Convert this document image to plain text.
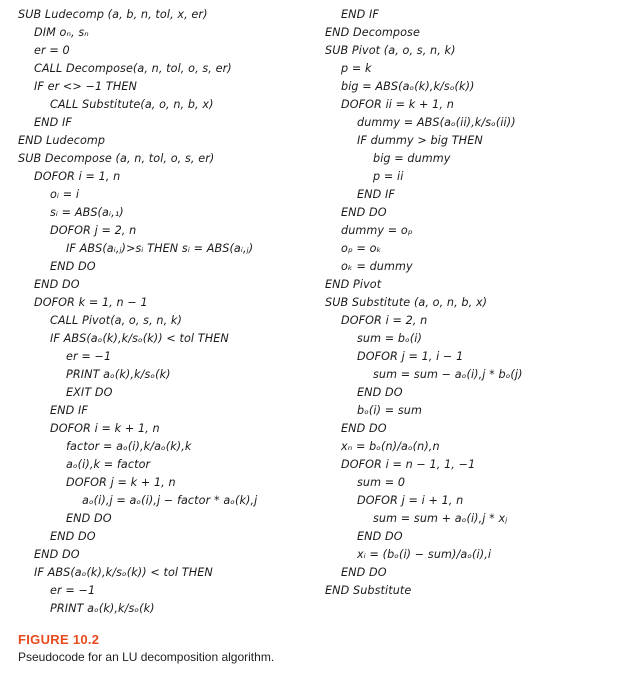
SUB Ludecomp (a, b, n, tol, x, er)
DIM oₙ, sₙ
er = 0
CALL Decompose(a, n, tol, o, s, er)
IF er <> −1 THEN
CALL Substitute(a, o, n, b, x)
END IF
END Ludecomp
SUB Decompose (a, n, tol, o, s, er)
DOFOR i = 1, n
oᵢ = i
sᵢ = ABS(aᵢ,₁)
DOFOR j = 2, n
IF ABS(aᵢ,ⱼ)>sᵢ THEN sᵢ = ABS(aᵢ,ⱼ)
END DO
END DO
DOFOR k = 1, n − 1
CALL Pivot(a, o, s, n, k)
IF ABS(aₒ(k),k/sₒ(k)) < tol THEN
er = −1
PRINT aₒ(k),k/sₒ(k)
EXIT DO
END IF
DOFOR i = k + 1, n
factor = aₒ(i),k/aₒ(k),k
aₒ(i),k = factor
DOFOR j = k + 1, n
aₒ(i),j = aₒ(i),j − factor * aₒ(k),j
END DO
END DO
END DO
IF ABS(aₒ(k),k/sₒ(k)) < tol THEN
er = −1
PRINT aₒ(k),k/sₒ(k)
END IF
END Decompose
SUB Pivot (a, o, s, n, k)
p = k
big = ABS(aₒ(k),k/sₒ(k))
DOFOR ii = k + 1, n
dummy = ABS(aₒ(ii),k/sₒ(ii))
IF dummy > big THEN
big = dummy
p = ii
END IF
END DO
dummy = oₚ
oₚ = oₖ
oₖ = dummy
END Pivot
SUB Substitute (a, o, n, b, x)
DOFOR i = 2, n
sum = bₒ(i)
DOFOR j = 1, i − 1
sum = sum − aₒ(i),j * bₒ(j)
END DO
bₒ(i) = sum
END DO
xₙ = bₒ(n)/aₒ(n),n
DOFOR i = n − 1, 1, −1
sum = 0
DOFOR j = i + 1, n
sum = sum + aₒ(i),j * xⱼ
END DO
xᵢ = (bₒ(i) − sum)/aₒ(i),i
END DO
END Substitute
FIGURE 10.2
Pseudocode for an LU decomposition algorithm.
